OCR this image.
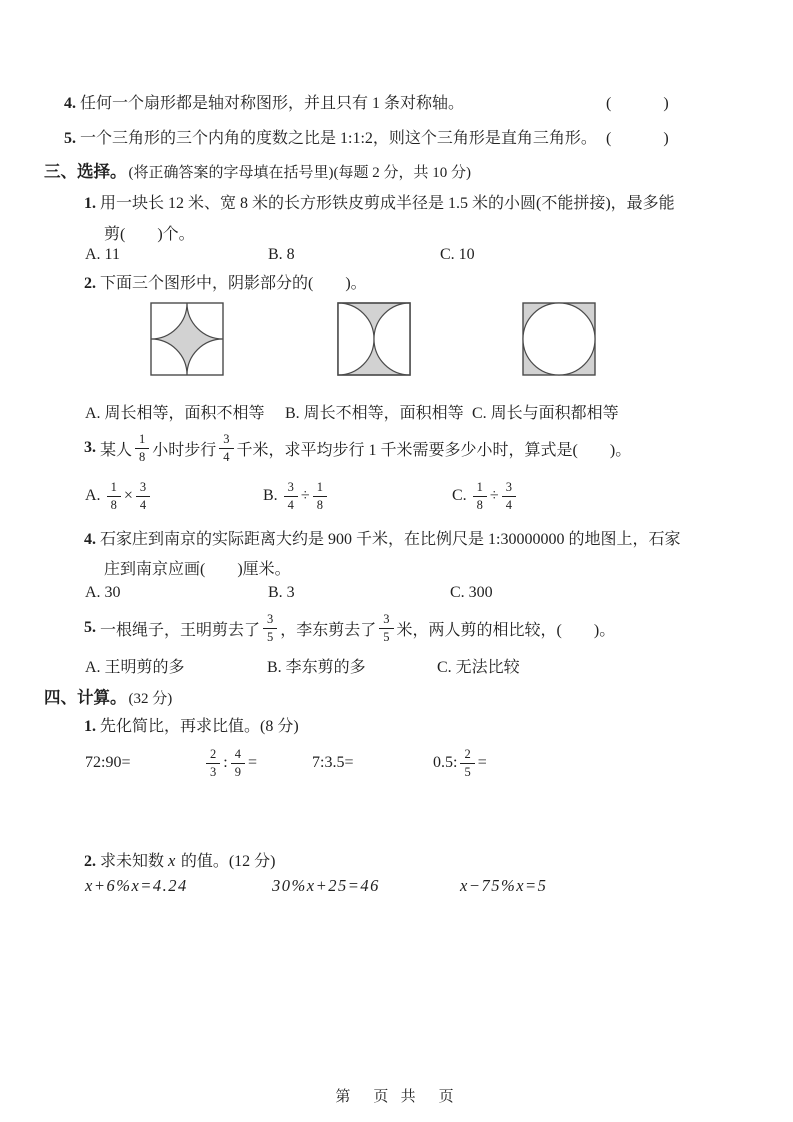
4. 任何一个扇形都是轴对称图形，并且只有 1 条对称轴。	(　　　)
5. 一个三角形的三个内角的度数之比是 1:1:2，则这个三角形是直角三角形。 (　　　)
三、选择。 (将正确答案的字母填在括号里)(每题 2 分，共 10 分)
1. 用一块长 12 米、宽 8 米的长方形铁皮剪成半径是 1.5 米的小圆(不能拼接)，最多能
剪(　　)个。
A. 11	B. 8	C. 10
2. 下面三个图形中，阴影部分的(　　)。
A. 周长相等，面积不相等 B. 周长不相等，面积相等 C. 周长与面积都相等
3. 某人 $\frac{1}{8}$ 小时步行 $\frac{3}{4}$ 千米，求平均步行 1 千米需要多少小时，算式是(　　)。
A. $\frac{1}{8} \times \frac{3}{4}$	B. $\frac{3}{4} \div \frac{1}{8}$	C. $\frac{1}{8} \div \frac{3}{4}$
4. 石家庄到南京的实际距离大约是 900 千米，在比例尺是 1:30000000 的地图上，石家
庄到南京应画(　　)厘米。
A. 30	B. 3	C. 300
5. 一根绳子，王明剪去了 $\frac{3}{5}$ ，李东剪去了 $\frac{3}{5}$ 米，两人剪的相比较，(　　)。
A. 王明剪的多	B. 李东剪的多	C. 无法比较
四、计算。 (32 分)
1. 先化简比，再求比值。(8 分)
72:90=	$\frac{2}{3}$ : $\frac{4}{9}$ =	7:3.5=	0.5: $\frac{2}{5}$ =
2. 求未知数 x 的值。(12 分)
x+6%x=4.24	30%x+25=46	x−75%x=5
第　页 共　页
